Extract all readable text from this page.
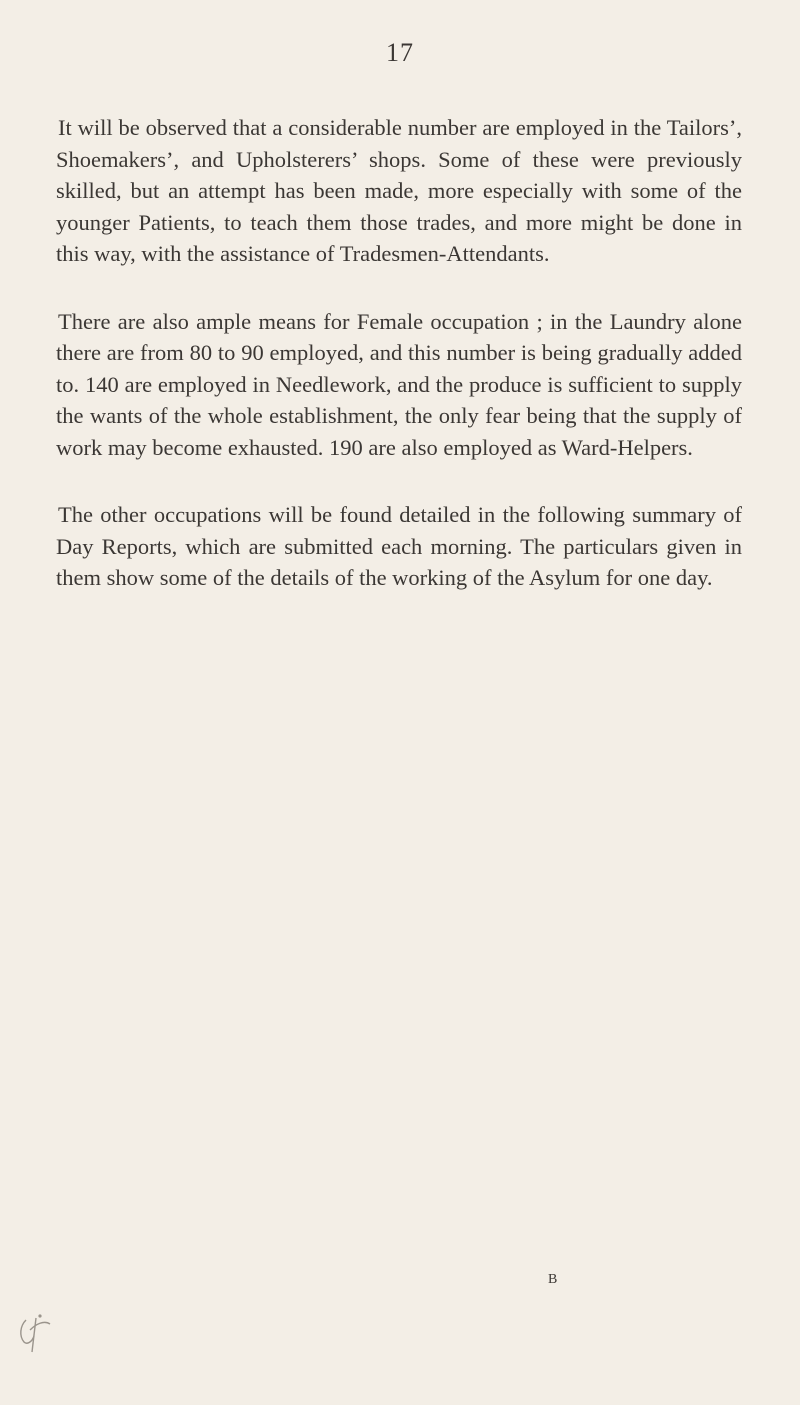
17

It will be observed that a considerable number are employed in the Tailors’, Shoemakers’, and Upholsterers’ shops. Some of these were previously skilled, but an attempt has been made, more especially with some of the younger Patients, to teach them those trades, and more might be done in this way, with the assistance of Tradesmen-Attendants.

There are also ample means for Female occupation ; in the Laundry alone there are from 80 to 90 employed, and this number is being gradually added to. 140 are employed in Needlework, and the produce is sufficient to supply the wants of the whole establishment, the only fear being that the supply of work may become exhausted. 190 are also employed as Ward-Helpers.

The other occupations will be found detailed in the following summary of Day Reports, which are submitted each morning. The particulars given in them show some of the details of the working of the Asylum for one day.

B
